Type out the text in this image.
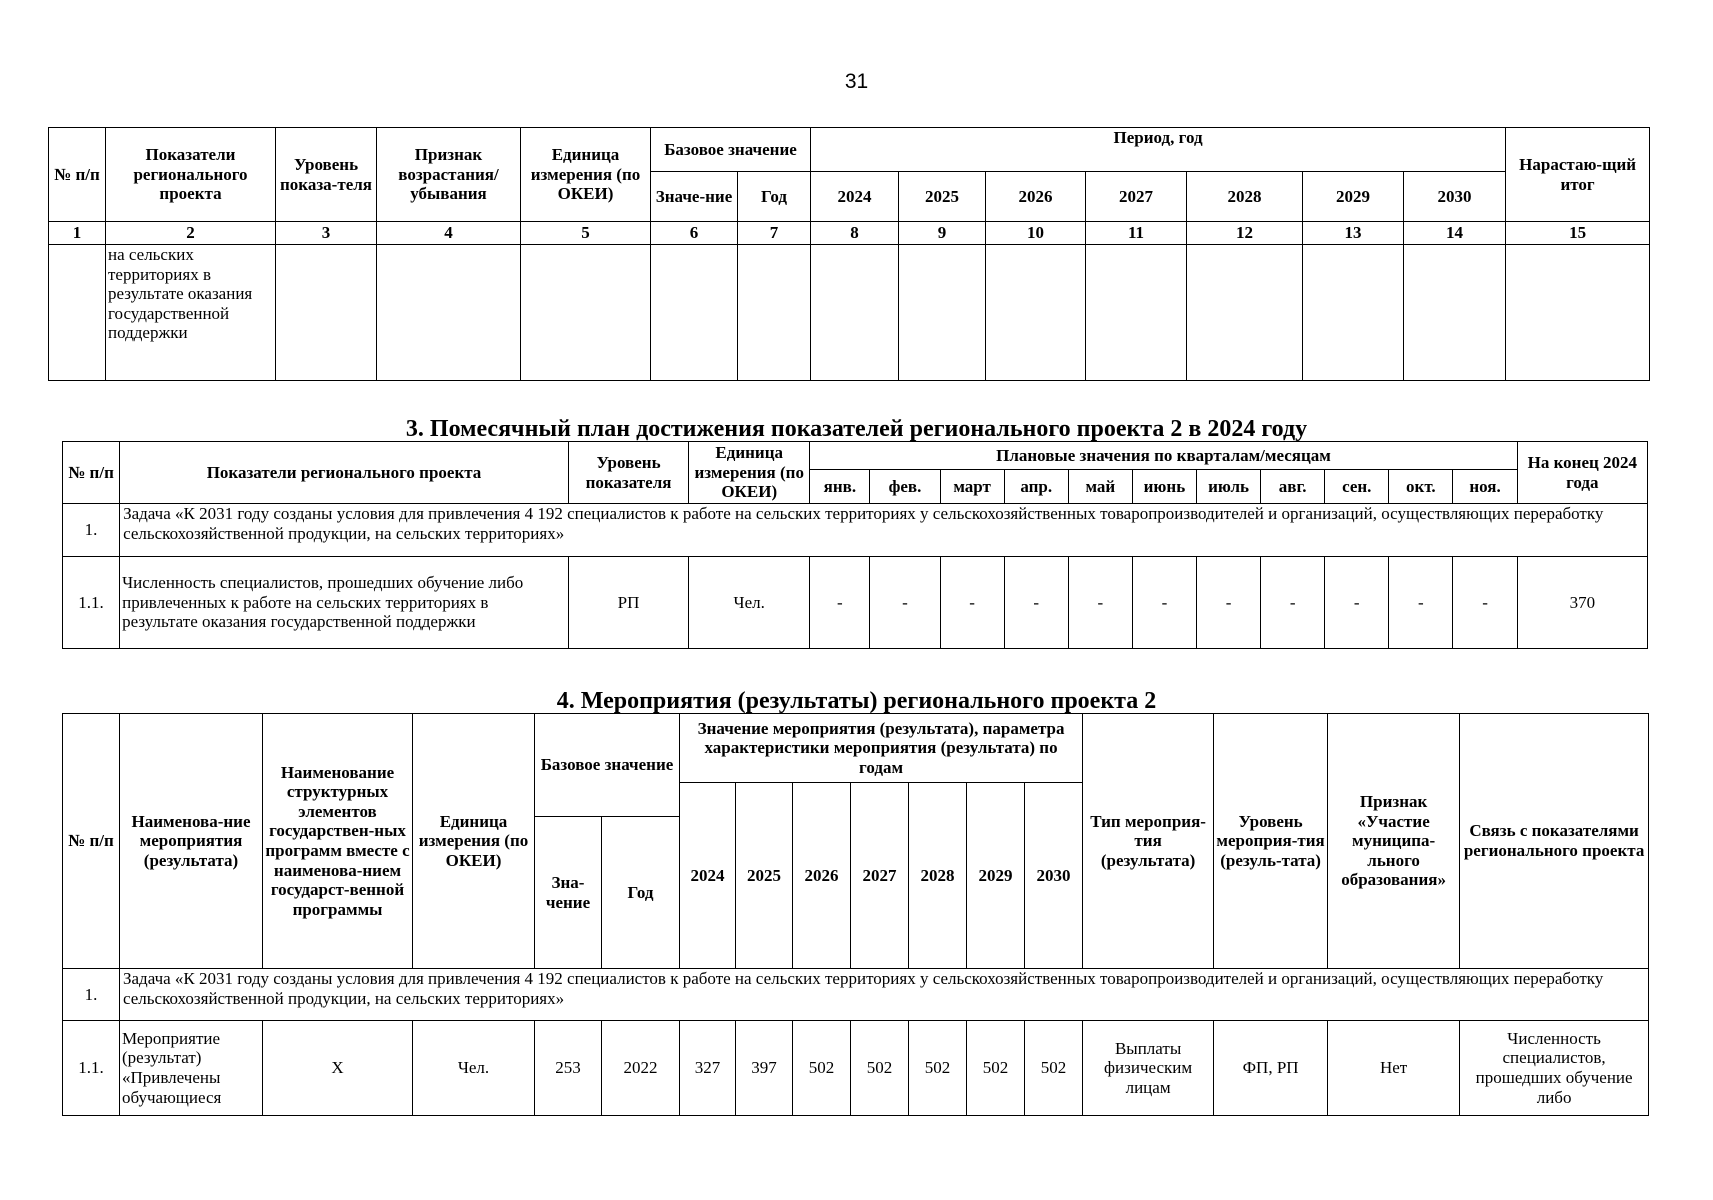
31
№ п/п	Показатели регионального проекта	Уровень показа-теля	Признак возрастания/ убывания	Единица измерения (по ОКЕИ)	Базовое значение		Период, год							Нарастаю-щий итог
					Значе-ние	Год	2024	2025	2026	2027	2028	2029	2030	
1	2	3	4	5	6	7	8	9	10	11	12	13	14	15
	на сельских территориях в результате оказания государственной поддержки													
3. Помесячный план достижения показателей регионального проекта 2 в 2024 году
№ п/п	Показатели регионального проекта	Уровень показателя	Единица измерения (по ОКЕИ)	Плановые значения по кварталам/месяцам											На конец 2024 года
				янв.	фев.	март	апр.	май	июнь	июль	авг.	сен.	окт.	ноя.	
1.	Задача «К 2031 году созданы условия для привлечения 4 192 специалистов к работе на сельских территориях у сельскохозяйственных товаропроизводителей и организаций, осуществляющих переработку сельскохозяйственной продукции, на сельских территориях»														
1.1.	Численность специалистов, прошедших обучение либо привлеченных к работе на сельских территориях в результате оказания государственной поддержки	РП	Чел.	-	-	-	-	-	-	-	-	-	-	-	370
4. Мероприятия (результаты) регионального проекта 2
№ п/п	Наименова-ние мероприятия (результата)	Наименование структурных элементов государствен-ных программ вместе с наименова-нием государст-венной программы	Единица измерения (по ОКЕИ)	Базовое значение		Значение мероприятия (результата), параметра характеристики мероприятия (результата) по годам							Тип мероприя-тия (результата)	Уровень мероприя-тия (резуль-тата)	Признак «Участие муниципа-льного образования»	Связь с показателями регионального проекта
						2024	2025	2026	2027	2028	2029	2030				
				Зна-чение	Год											
1.	Задача «К 2031 году созданы условия для привлечения 4 192 специалистов к работе на сельских территориях у сельскохозяйственных товаропроизводителей и организаций, осуществляющих переработку сельскохозяйственной продукции, на сельских территориях»															
1.1.	Мероприятие (результат) «Привлечены обучающиеся	X	Чел.	253	2022	327	397	502	502	502	502	502	Выплаты физическим лицам	ФП, РП	Нет	Численность специалистов, прошедших обучение либо
